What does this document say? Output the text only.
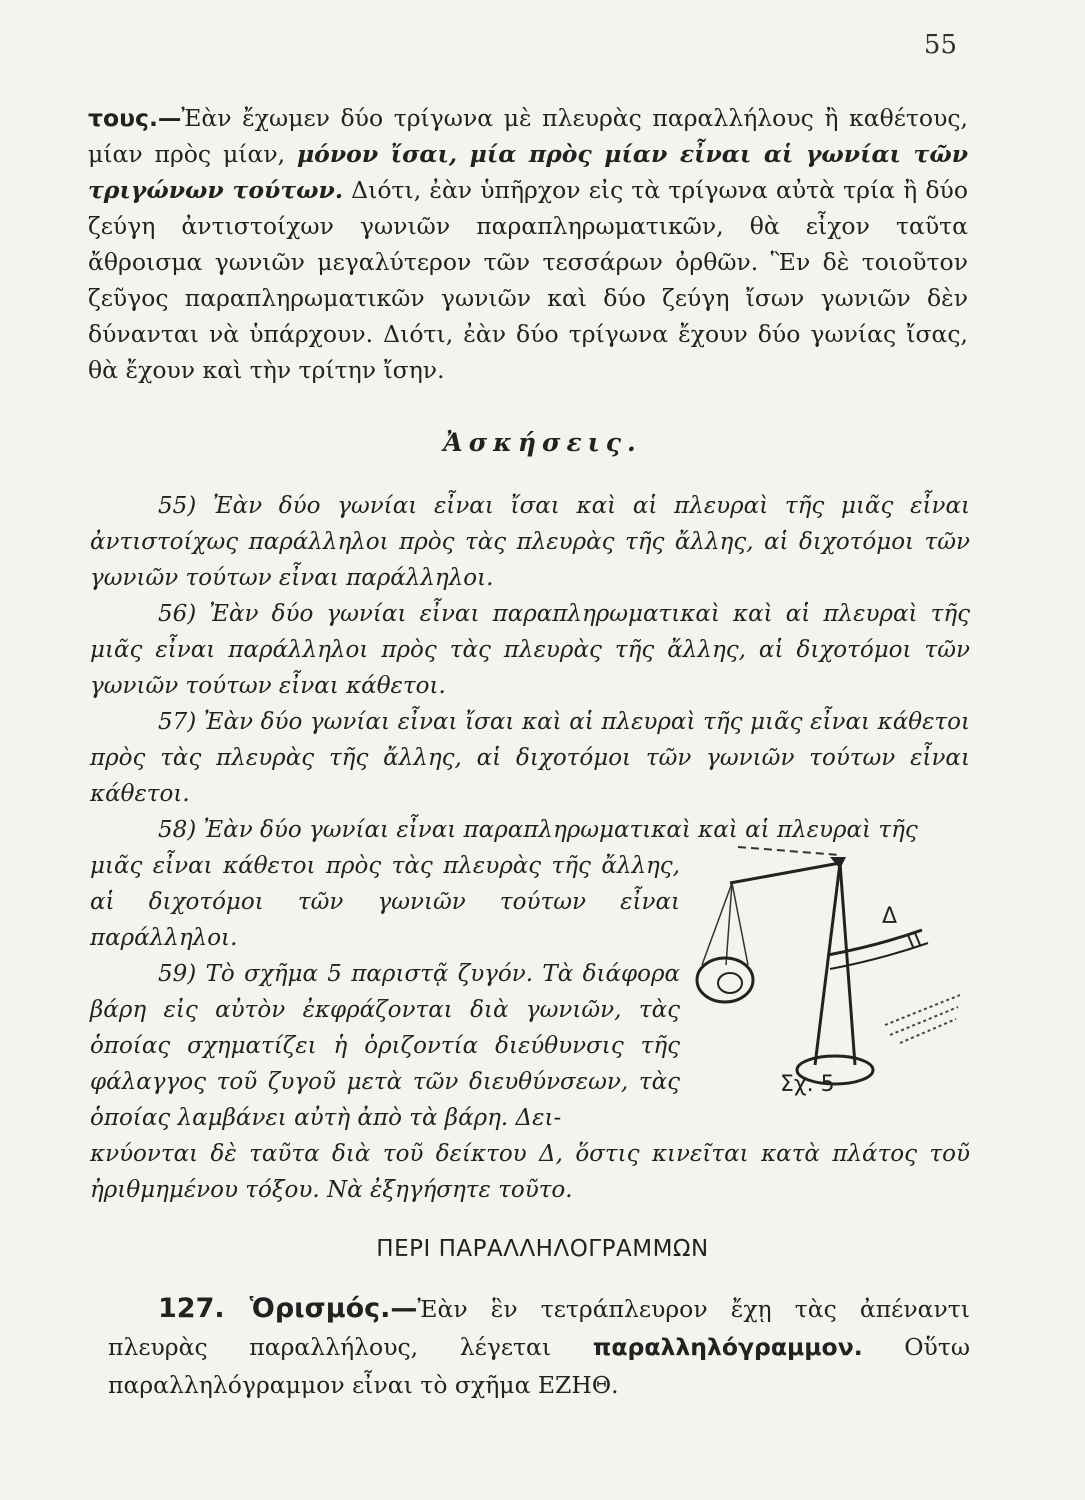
55
τους.—Ἐὰν ἔχωμεν δύο τρίγωνα μὲ πλευρὰς παραλλήλους ἢ καθέτους, μίαν πρὸς μίαν, μόνον ἴσαι, μία πρὸς μίαν εἶναι αἱ γωνίαι τῶν τριγώνων τούτων. Διότι, ἐὰν ὑπῆρχον εἰς τὰ τρίγωνα αὐτὰ τρία ἢ δύο ζεύγη ἀντιστοίχων γωνιῶν παραπληρωματικῶν, θὰ εἶχον ταῦτα ἄθροισμα γωνιῶν μεγαλύτερον τῶν τεσσάρων ὀρθῶν. Ἓν δὲ τοιοῦτον ζεῦγος παραπληρωματικῶν γωνιῶν καὶ δύο ζεύγη ἴσων γωνιῶν δὲν δύνανται νὰ ὑπάρχουν. Διότι, ἐὰν δύο τρίγωνα ἔχουν δύο γωνίας ἴσας, θὰ ἔχουν καὶ τὴν τρίτην ἴσην.
Ἀσκήσεις.
55) Ἐὰν δύο γωνίαι εἶναι ἴσαι καὶ αἱ πλευραὶ τῆς μιᾶς εἶναι ἀντιστοίχως παράλληλοι πρὸς τὰς πλευρὰς τῆς ἄλλης, αἱ διχοτόμοι τῶν γωνιῶν τούτων εἶναι παράλληλοι.
56) Ἐὰν δύο γωνίαι εἶναι παραπληρωματικαὶ καὶ αἱ πλευραὶ τῆς μιᾶς εἶναι παράλληλοι πρὸς τὰς πλευρὰς τῆς ἄλλης, αἱ διχοτόμοι τῶν γωνιῶν τούτων εἶναι κάθετοι.
57) Ἐὰν δύο γωνίαι εἶναι ἴσαι καὶ αἱ πλευραὶ τῆς μιᾶς εἶναι κάθετοι πρὸς τὰς πλευρὰς τῆς ἄλλης, αἱ διχοτόμοι τῶν γωνιῶν τούτων εἶναι κάθετοι.
58) Ἐὰν δύο γωνίαι εἶναι παραπληρωματικαὶ καὶ αἱ πλευραὶ τῆς
μιᾶς εἶναι κάθετοι πρὸς τὰς πλευρὰς τῆς ἄλλης, αἱ διχοτόμοι τῶν γωνιῶν τούτων εἶναι παράλληλοι.
59) Τὸ σχῆμα 5 παριστᾷ ζυγόν. Τὰ διάφορα βάρη εἰς αὐτὸν ἐκφράζονται διὰ γωνιῶν, τὰς ὁποίας σχηματίζει ἡ ὁριζοντία διεύθυνσις τῆς φάλαγγος τοῦ ζυγοῦ μετὰ τῶν διευθύνσεων, τὰς ὁποίας λαμβάνει αὐτὴ ἀπὸ τὰ βάρη. Δει-
κνύονται δὲ ταῦτα διὰ τοῦ δείκτου Δ, ὅστις κινεῖται κατὰ πλάτος τοῦ ἠριθμημένου τόξου. Νὰ ἐξηγήσητε τοῦτο.
Δ
Σχ. 5
ΠΕΡΙ ΠΑΡΑΛΛΗΛΟΓΡΑΜΜΩΝ
127. Ὁρισμός.—Ἐὰν ἓν τετράπλευρον ἔχῃ τὰς ἀπέναντι πλευρὰς παραλλήλους, λέγεται παραλληλόγραμμον. Οὕτω παραλληλόγραμμον εἶναι τὸ σχῆμα ΕΖΗΘ.
